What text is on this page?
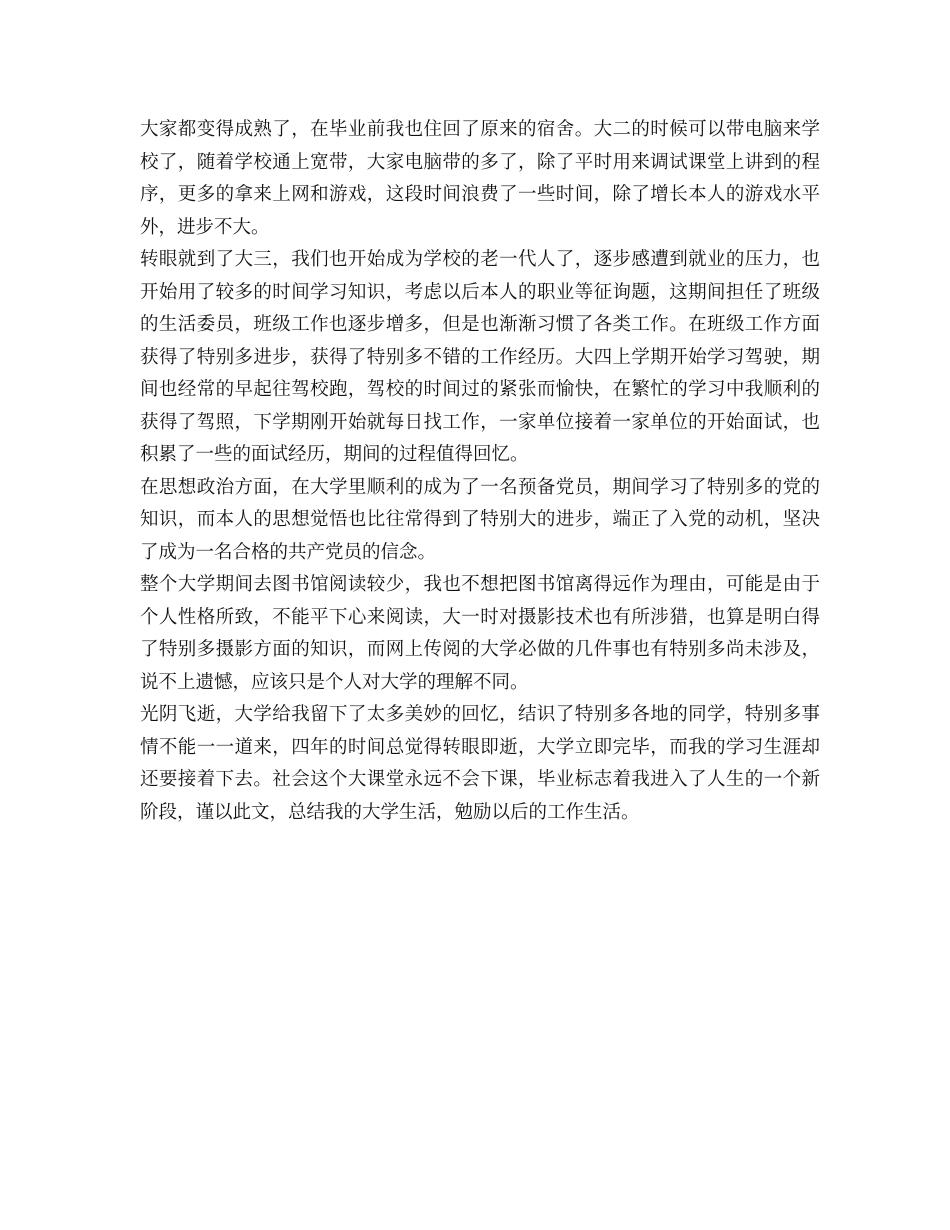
大家都变得成熟了，在毕业前我也住回了原来的宿舍。大二的时候可以带电脑来学校了，随着学校通上宽带，大家电脑带的多了，除了平时用来调试课堂上讲到的程序，更多的拿来上网和游戏，这段时间浪费了一些时间，除了增长本人的游戏水平外，进步不大。

转眼就到了大三，我们也开始成为学校的老一代人了，逐步感遭到就业的压力，也开始用了较多的时间学习知识，考虑以后本人的职业等征询题，这期间担任了班级的生活委员，班级工作也逐步增多，但是也渐渐习惯了各类工作。在班级工作方面获得了特别多进步，获得了特别多不错的工作经历。大四上学期开始学习驾驶，期间也经常的早起往驾校跑，驾校的时间过的紧张而愉快，在繁忙的学习中我顺利的获得了驾照，下学期刚开始就每日找工作，一家单位接着一家单位的开始面试，也积累了一些的面试经历，期间的过程值得回忆。

在思想政治方面，在大学里顺利的成为了一名预备党员，期间学习了特别多的党的知识，而本人的思想觉悟也比往常得到了特别大的进步，端正了入党的动机，坚决了成为一名合格的共产党员的信念。

整个大学期间去图书馆阅读较少，我也不想把图书馆离得远作为理由，可能是由于个人性格所致，不能平下心来阅读，大一时对摄影技术也有所涉猎，也算是明白得了特别多摄影方面的知识，而网上传阅的大学必做的几件事也有特别多尚未涉及，说不上遗憾，应该只是个人对大学的理解不同。

光阴飞逝，大学给我留下了太多美妙的回忆，结识了特别多各地的同学，特别多事情不能一一道来，四年的时间总觉得转眼即逝，大学立即完毕，而我的学习生涯却还要接着下去。社会这个大课堂永远不会下课，毕业标志着我进入了人生的一个新阶段，谨以此文，总结我的大学生活，勉励以后的工作生活。
